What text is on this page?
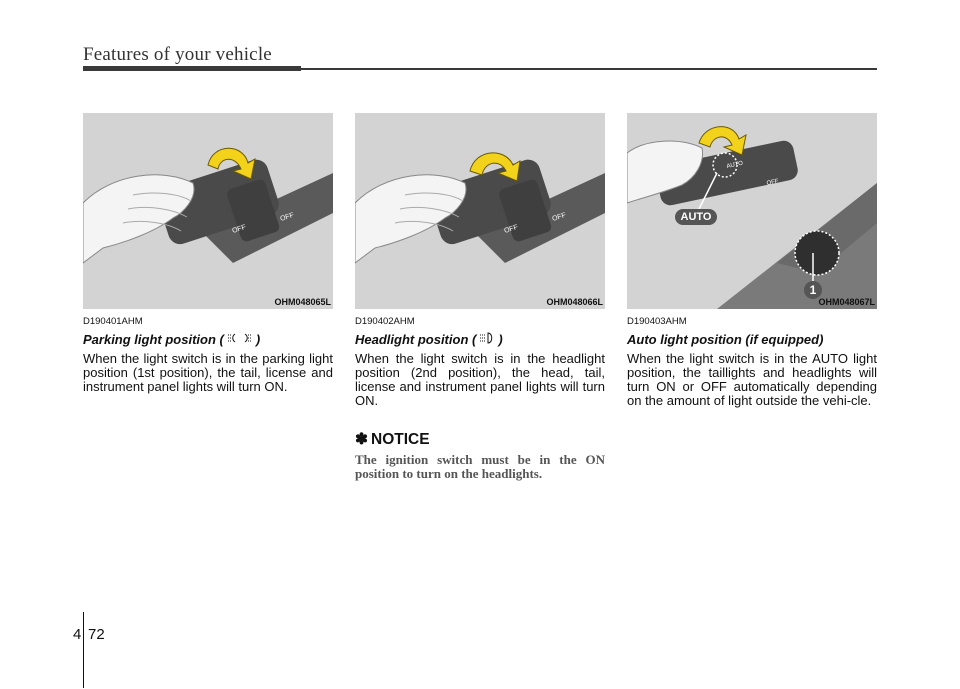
Features of your vehicle
OFF
OFF
OHM048065L
OFF
OFF
OHM048066L
AUTO
OFF
AUTO
1
OHM048067L

D190401AHM

Parking light position ( )

When the light switch is in the parking light position (1st position), the tail, license and instrument panel lights will turn ON.

D190402AHM

Headlight position ( )

When the light switch is in the headlight position (2nd position), the head, tail, license and instrument panel lights will turn ON.

✽ NOTICE

The ignition switch must be in the ON position to turn on the headlights.

D190403AHM

Auto light position (if equipped)

When the light switch is in the AUTO light position, the taillights and headlights will turn ON or OFF automatically depending on the amount of light outside the vehi-cle.

4 72
